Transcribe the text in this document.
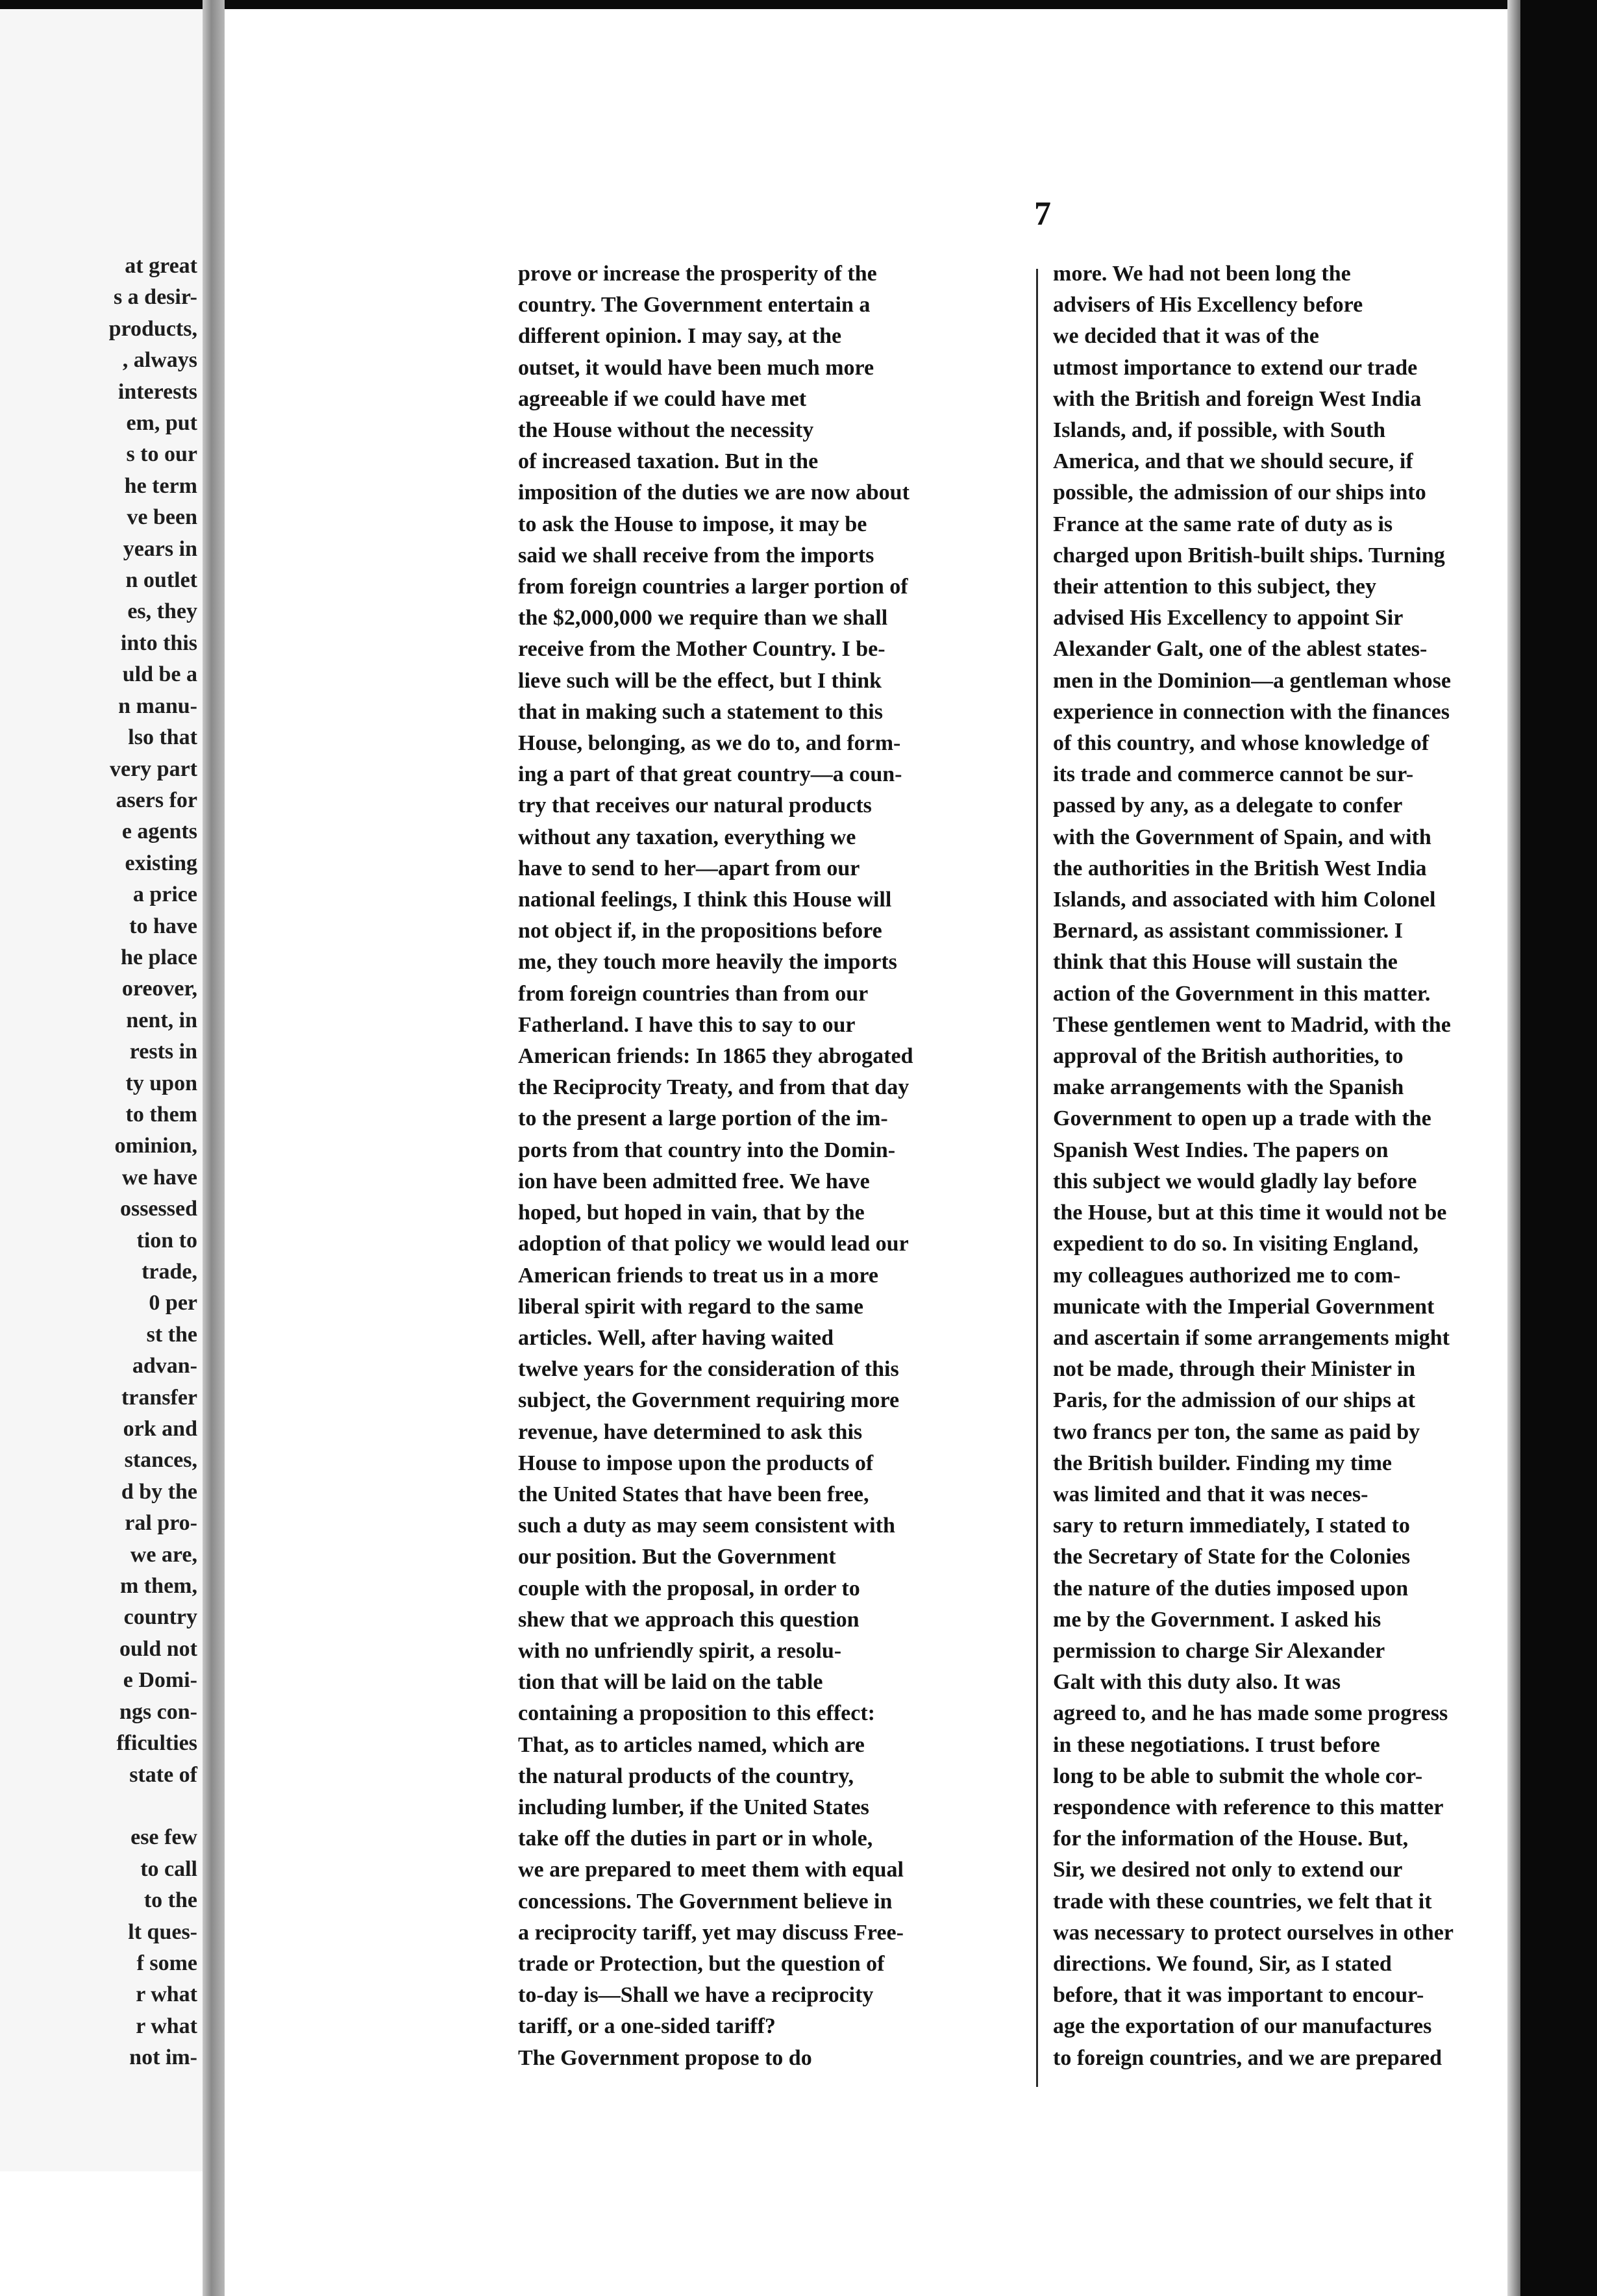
at great
s a desir-
products,
, always
interests
em, put
s to our
he term
ve been
years in
n outlet
es, they
into this
uld be a
n manu-
lso that
very part
asers for
e agents
existing
a price
to have
he place
oreover,
nent, in
rests in
ty upon
to them
ominion,
we have
ossessed
tion to
trade,
0 per
st the
advan-
transfer
ork and
stances,
d by the
ral pro-
we are,
m them,
country
ould not
e Domi-
ngs con-
fficulties
state of

ese few
to call
to the
lt ques-
f some
r what
r what
not im-
7
prove or increase the prosperity of the
country. The Government entertain a
different opinion. I may say, at the
outset, it would have been much more
agreeable if we could have met
the House without the necessity
of increased taxation. But in the
imposition of the duties we are now about
to ask the House to impose, it may be
said we shall receive from the imports
from foreign countries a larger portion of
the $2,000,000 we require than we shall
receive from the Mother Country. I be-
lieve such will be the effect, but I think
that in making such a statement to this
House, belonging, as we do to, and form-
ing a part of that great country—a coun-
try that receives our natural products
without any taxation, everything we
have to send to her—apart from our
national feelings, I think this House will
not object if, in the propositions before
me, they touch more heavily the imports
from foreign countries than from our
Fatherland. I have this to say to our
American friends: In 1865 they abrogated
the Reciprocity Treaty, and from that day
to the present a large portion of the im-
ports from that country into the Domin-
ion have been admitted free. We have
hoped, but hoped in vain, that by the
adoption of that policy we would lead our
American friends to treat us in a more
liberal spirit with regard to the same
articles. Well, after having waited
twelve years for the consideration of this
subject, the Government requiring more
revenue, have determined to ask this
House to impose upon the products of
the United States that have been free,
such a duty as may seem consistent with
our position. But the Government
couple with the proposal, in order to
shew that we approach this question
with no unfriendly spirit, a resolu-
tion that will be laid on the table
containing a proposition to this effect:
That, as to articles named, which are
the natural products of the country,
including lumber, if the United States
take off the duties in part or in whole,
we are prepared to meet them with equal
concessions. The Government believe in
a reciprocity tariff, yet may discuss Free-
trade or Protection, but the question of
to-day is—Shall we have a reciprocity
tariff, or a one-sided tariff?
The Government propose to do
more. We had not been long the
advisers of His Excellency before
we decided that it was of the
utmost importance to extend our trade
with the British and foreign West India
Islands, and, if possible, with South
America, and that we should secure, if
possible, the admission of our ships into
France at the same rate of duty as is
charged upon British-built ships. Turning
their attention to this subject, they
advised His Excellency to appoint Sir
Alexander Galt, one of the ablest states-
men in the Dominion—a gentleman whose
experience in connection with the finances
of this country, and whose knowledge of
its trade and commerce cannot be sur-
passed by any, as a delegate to confer
with the Government of Spain, and with
the authorities in the British West India
Islands, and associated with him Colonel
Bernard, as assistant commissioner. I
think that this House will sustain the
action of the Government in this matter.
These gentlemen went to Madrid, with the
approval of the British authorities, to
make arrangements with the Spanish
Government to open up a trade with the
Spanish West Indies. The papers on
this subject we would gladly lay before
the House, but at this time it would not be
expedient to do so. In visiting England,
my colleagues authorized me to com-
municate with the Imperial Government
and ascertain if some arrangements might
not be made, through their Minister in
Paris, for the admission of our ships at
two francs per ton, the same as paid by
the British builder. Finding my time
was limited and that it was neces-
sary to return immediately, I stated to
the Secretary of State for the Colonies
the nature of the duties imposed upon
me by the Government. I asked his
permission to charge Sir Alexander
Galt with this duty also. It was
agreed to, and he has made some progress
in these negotiations. I trust before
long to be able to submit the whole cor-
respondence with reference to this matter
for the information of the House. But,
Sir, we desired not only to extend our
trade with these countries, we felt that it
was necessary to protect ourselves in other
directions. We found, Sir, as I stated
before, that it was important to encour-
age the exportation of our manufactures
to foreign countries, and we are prepared
